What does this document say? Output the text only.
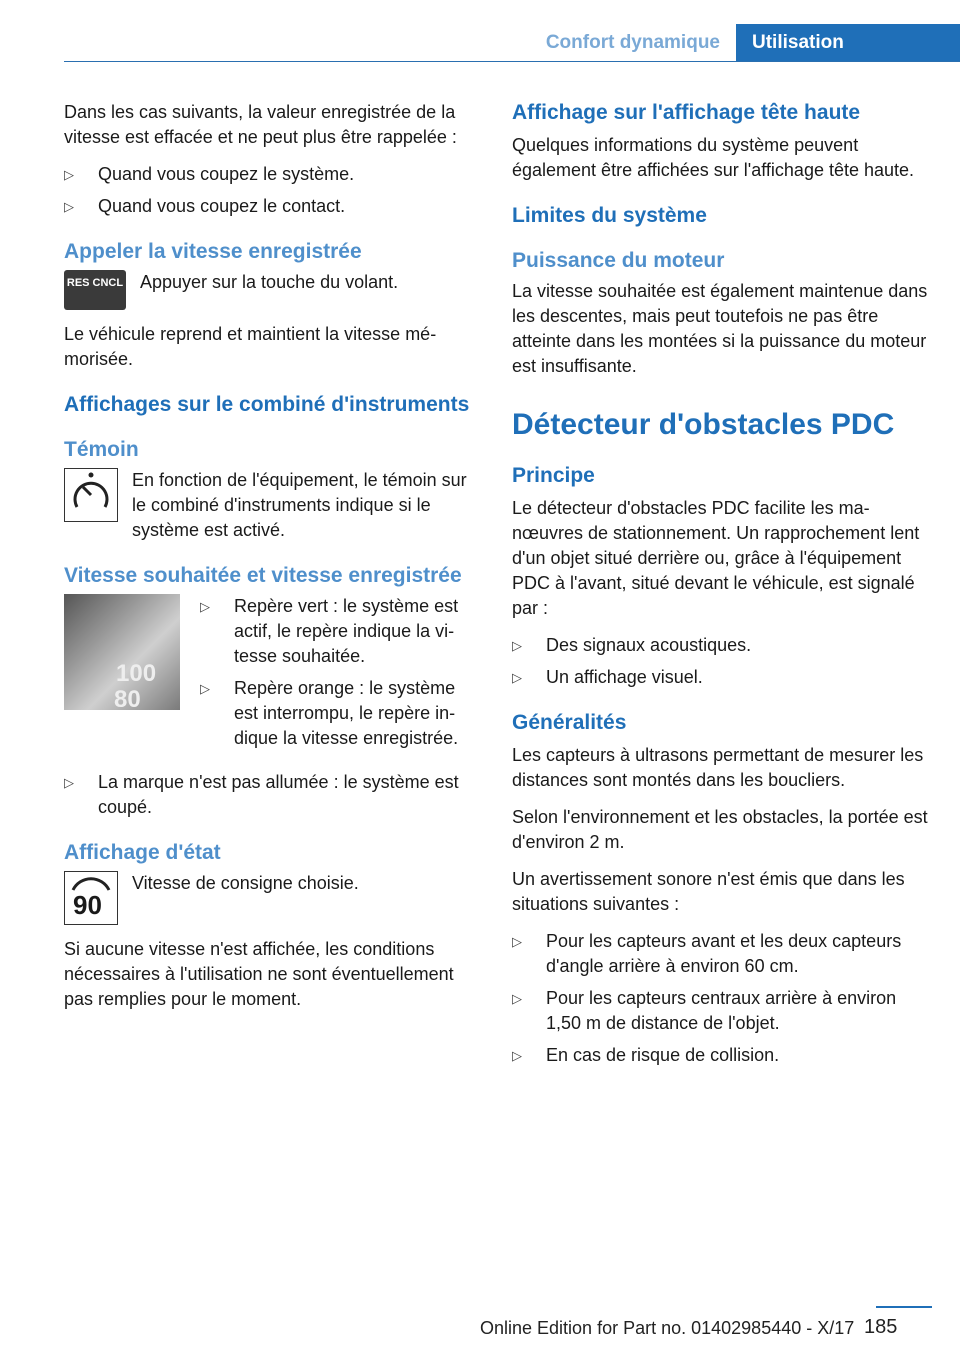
Confort dynamique	Utilisation

Dans les cas suivants, la valeur enregistrée de la vitesse est effacée et ne peut plus être rappelée :

▷ Quand vous coupez le système.
▷ Quand vous coupez le contact.
Appeler la vitesse enregistrée
RES CNCL Appuyer sur la touche du volant.

Le véhicule reprend et maintient la vitesse mémorisée.

Affichages sur le combiné d'instruments
Témoin
En fonction de l'équipement, le témoin sur le combiné d'instruments indique si le système est activé.
Vitesse souhaitée et vitesse enregistrée
100
80
▷ Repère vert : le système est actif, le repère indique la vitesse souhaitée.
▷ Repère orange : le système est interrompu, le repère indique la vitesse enregistrée.
▷ La marque n'est pas allumée : le système est coupé.
Affichage d'état
90
Vitesse de consigne choisie.

Si aucune vitesse n'est affichée, les conditions nécessaires à l'utilisation ne sont éventuellement pas remplies pour le moment.

Affichage sur l'affichage tête haute

Quelques informations du système peuvent également être affichées sur l'affichage tête haute.

Limites du système
Puissance du moteur

La vitesse souhaitée est également maintenue dans les descentes, mais peut toutefois ne pas être atteinte dans les montées si la puissance du moteur est insuffisante.

Détecteur d'obstacles PDC
Principe

Le détecteur d'obstacles PDC facilite les manœuvres de stationnement. Un rapprochement lent d'un objet situé derrière ou, grâce à l'équipement PDC à l'avant, situé devant le véhicule, est signalé par :

▷ Des signaux acoustiques.
▷ Un affichage visuel.
Généralités

Les capteurs à ultrasons permettant de mesurer les distances sont montés dans les boucliers.

Selon l'environnement et les obstacles, la portée est d'environ 2 m.

Un avertissement sonore n'est émis que dans les situations suivantes :

▷ Pour les capteurs avant et les deux capteurs d'angle arrière à environ 60 cm.
▷ Pour les capteurs centraux arrière à environ 1,50 m de distance de l'objet.
▷ En cas de risque de collision.
Online Edition for Part no. 01402985440 - X/17 185
